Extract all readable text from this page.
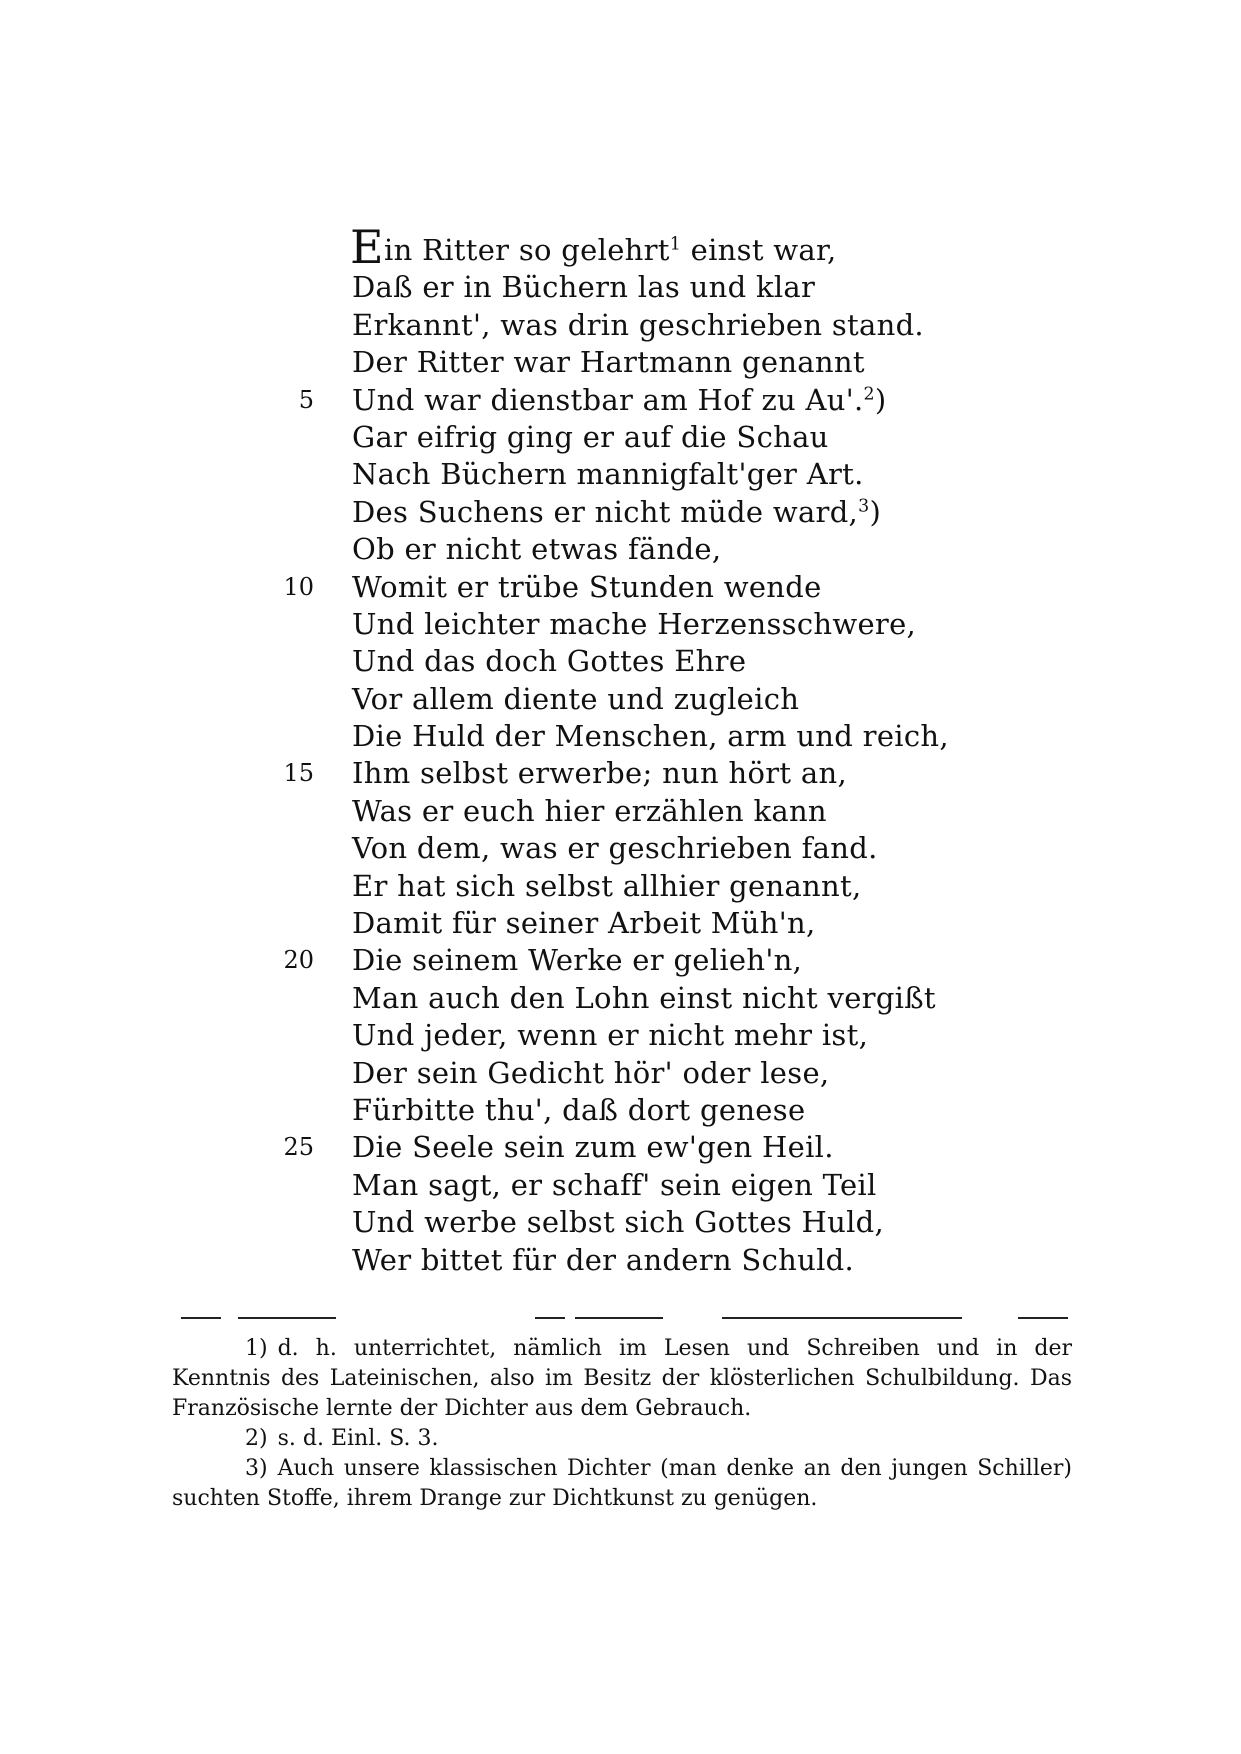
E in Ritter so gelehrt$^1$ einst war,
Daß er in Büchern las und klar
Erkannt', was drin geschrieben stand.
Der Ritter war Hartmann genannt
5 Und war dienstbar am Hof zu Au'.$^2$)
Gar eifrig ging er auf die Schau
Nach Büchern mannigfalt'ger Art.
Des Suchens er nicht müde ward,$^3$)
Ob er nicht etwas fände,
10 Womit er trübe Stunden wende
Und leichter mache Herzensschwere,
Und das doch Gottes Ehre
Vor allem diente und zugleich
Die Huld der Menschen, arm und reich,
15 Ihm selbst erwerbe; nun hört an,
Was er euch hier erzählen kann
Von dem, was er geschrieben fand.
Er hat sich selbst allhier genannt,
Damit für seiner Arbeit Müh'n,
20 Die seinem Werke er gelieh'n,
Man auch den Lohn einst nicht vergißt
Und jeder, wenn er nicht mehr ist,
Der sein Gedicht hör' oder lese,
Fürbitte thu', daß dort genese
25 Die Seele sein zum ew'gen Heil.
Man sagt, er schaff' sein eigen Teil
Und werbe selbst sich Gottes Huld,
Wer bittet für der andern Schuld.

1) d. h. unterrichtet, nämlich im Lesen und Schreiben und in der Kenntnis des Lateinischen, also im Besitz der klösterlichen Schulbildung. Das Französische lernte der Dichter aus dem Gebrauch.

2) s. d. Einl. S. 3.

3) Auch unsere klassischen Dichter (man denke an den jungen Schiller) suchten Stoffe, ihrem Drange zur Dichtkunst zu genügen.
